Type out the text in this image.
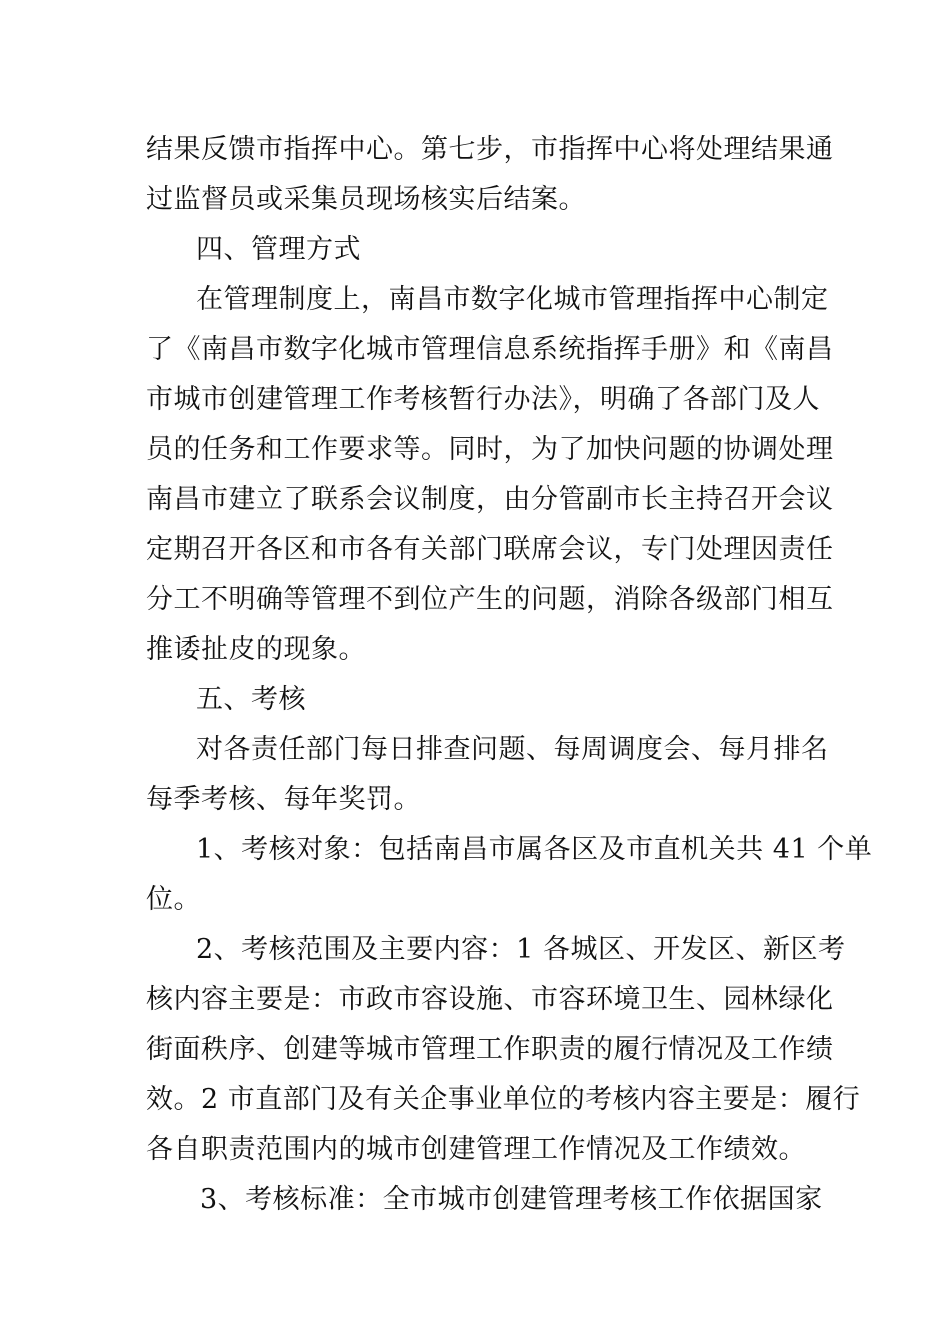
结果反馈市指挥中心。第七步，市指挥中心将处理结果通
过监督员或采集员现场核实后结案。
四、管理方式
在管理制度上，南昌市数字化城市管理指挥中心制定
了《南昌市数字化城市管理信息系统指挥手册》和《南昌
市城市创建管理工作考核暂行办法》，明确了各部门及人
员的任务和工作要求等。同时，为了加快问题的协调处理
南昌市建立了联系会议制度，由分管副市长主持召开会议
定期召开各区和市各有关部门联席会议，专门处理因责任
分工不明确等管理不到位产生的问题，消除各级部门相互
推诿扯皮的现象。
五、考核
对各责任部门每日排查问题、每周调度会、每月排名
每季考核、每年奖罚。
1、考核对象：包括南昌市属各区及市直机关共 41 个单
位。
2、考核范围及主要内容：1 各城区、开发区、新区考
核内容主要是：市政市容设施、市容环境卫生、园林绿化
街面秩序、创建等城市管理工作职责的履行情况及工作绩
效。2 市直部门及有关企事业单位的考核内容主要是：履行
各自职责范围内的城市创建管理工作情况及工作绩效。
3、考核标准：全市城市创建管理考核工作依据国家
